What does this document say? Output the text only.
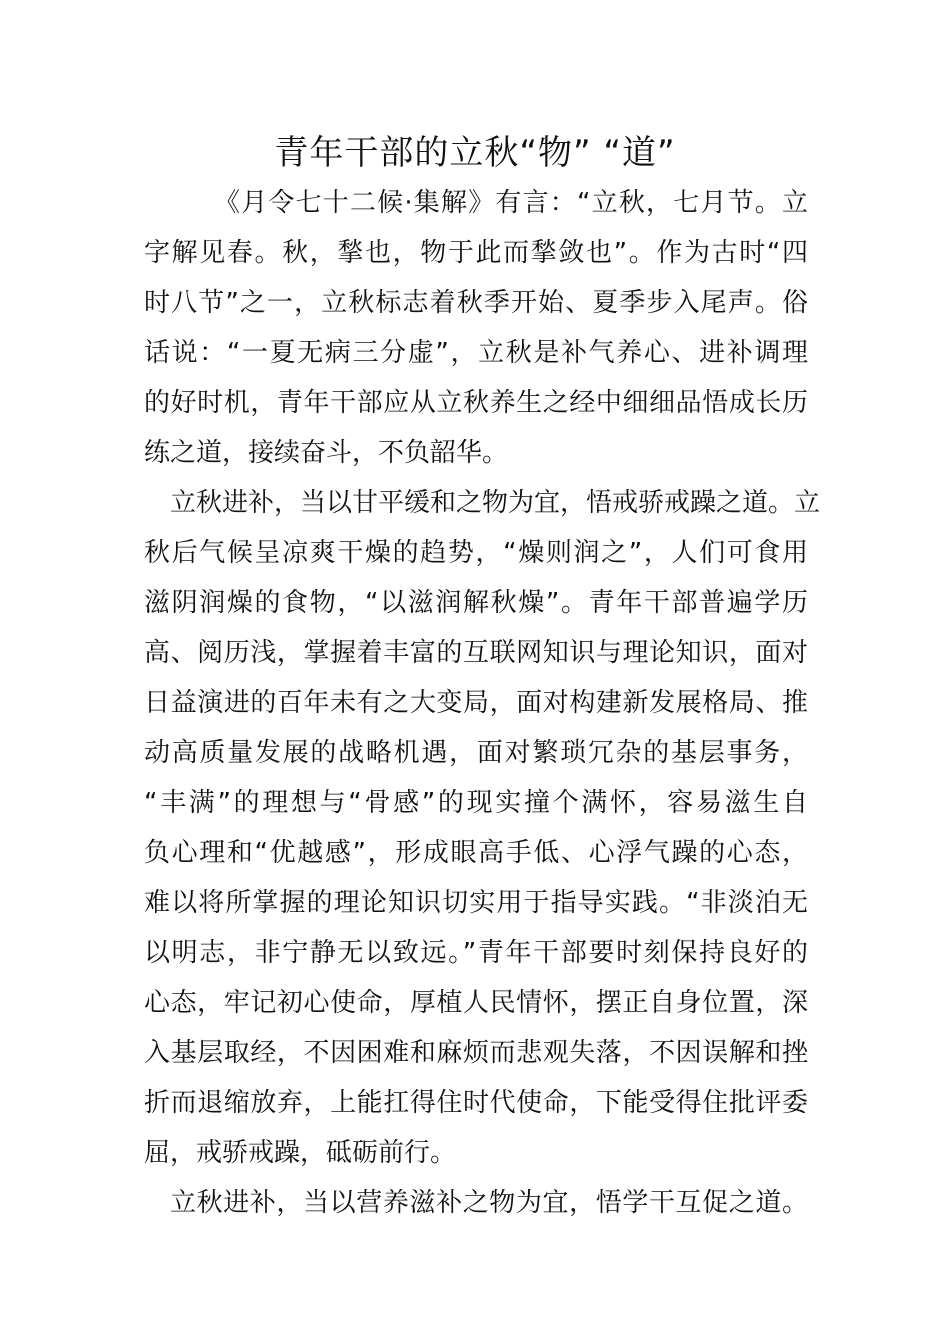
青年干部的立秋“物” “道”
《月令七十二候·集解》有言：“立秋，七月节。立
字解见春。秋，揫也，物于此而揫敛也”。作为古时“四
时八节”之一，立秋标志着秋季开始、夏季步入尾声。俗
话说：“一夏无病三分虚”，立秋是补气养心、进补调理
的好时机，青年干部应从立秋养生之经中细细品悟成长历
练之道，接续奋斗，不负韶华。
立秋进补，当以甘平缓和之物为宜，悟戒骄戒躁之道。立
秋后气候呈凉爽干燥的趋势，“燥则润之”，人们可食用
滋阴润燥的食物，“以滋润解秋燥”。青年干部普遍学历
高、阅历浅，掌握着丰富的互联网知识与理论知识，面对
日益演进的百年未有之大变局，面对构建新发展格局、推
动高质量发展的战略机遇，面对繁琐冗杂的基层事务，
“丰满”的理想与“骨感”的现实撞个满怀，容易滋生自
负心理和“优越感”，形成眼高手低、心浮气躁的心态，
难以将所掌握的理论知识切实用于指导实践。“非淡泊无
以明志，非宁静无以致远。”青年干部要时刻保持良好的
心态，牢记初心使命，厚植人民情怀，摆正自身位置，深
入基层取经，不因困难和麻烦而悲观失落，不因误解和挫
折而退缩放弃，上能扛得住时代使命，下能受得住批评委
屈，戒骄戒躁，砥砺前行。
立秋进补，当以营养滋补之物为宜，悟学干互促之道。
